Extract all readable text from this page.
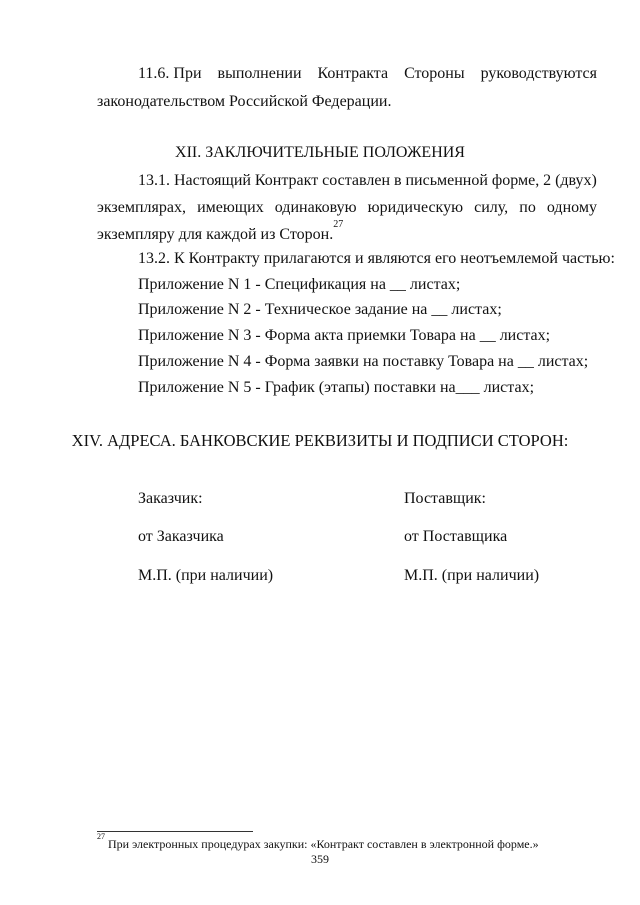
11.6. При выполнении Контракта Стороны руководствуются
законодательством Российской Федерации.
XII. ЗАКЛЮЧИТЕЛЬНЫЕ ПОЛОЖЕНИЯ
13.1. Настоящий Контракт составлен в письменной форме, 2 (двух)
экземплярах, имеющих одинаковую юридическую силу, по одному
экземпляру для каждой из Сторон.$^{27}$
13.2. К Контракту прилагаются и являются его неотъемлемой частью:
Приложение N 1 - Спецификация на __ листах;
Приложение N 2 - Техническое задание на __ листах;
Приложение N 3 - Форма акта приемки Товара на __ листах;
Приложение N 4 - Форма заявки на поставку Товара на __ листах;
Приложение N 5 - График (этапы) поставки на___ листах;
XIV. АДРЕСА. БАНКОВСКИЕ РЕКВИЗИТЫ И ПОДПИСИ СТОРОН:
Заказчик:	Поставщик:
от Заказчика	от Поставщика
М.П. (при наличии)	М.П. (при наличии)
$^{27}$ При электронных процедурах закупки: «Контракт составлен в электронной форме.»
359
